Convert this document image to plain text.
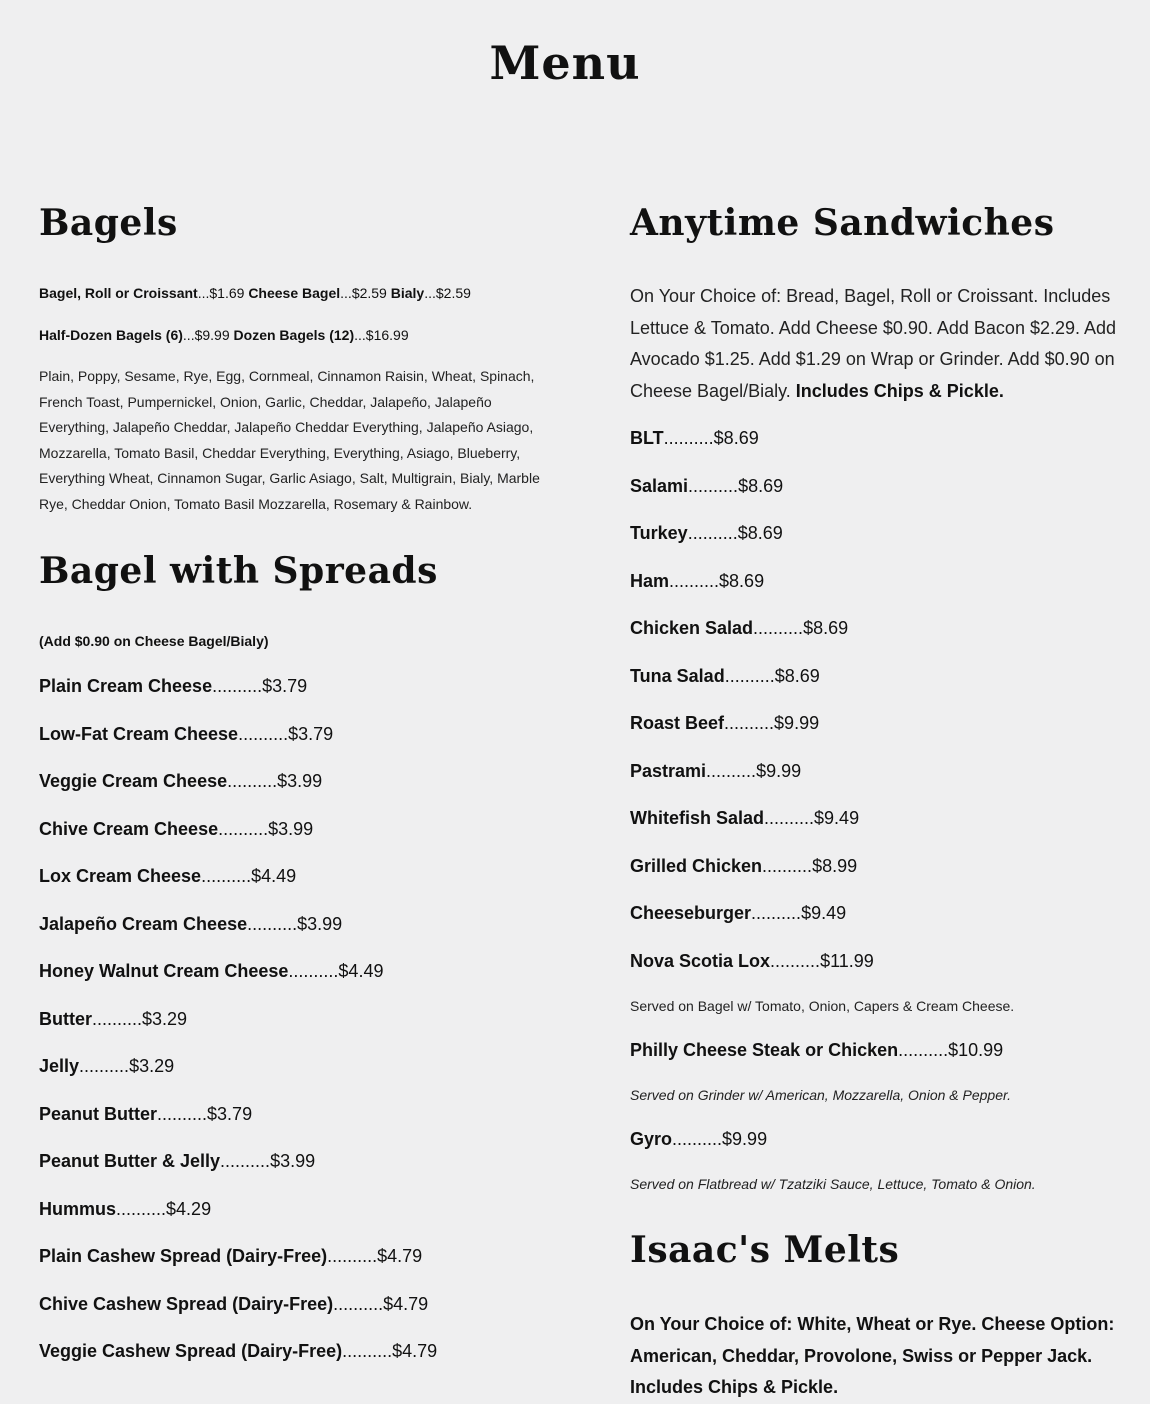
Menu
Bagels
Bagel, Roll or Croissant...$1.69 Cheese Bagel...$2.59 Bialy...$2.59
Half-Dozen Bagels (6)...$9.99 Dozen Bagels (12)...$16.99
Plain, Poppy, Sesame, Rye, Egg, Cornmeal, Cinnamon Raisin, Wheat, Spinach, French Toast, Pumpernickel, Onion, Garlic, Cheddar, Jalapeño, Jalapeño Everything, Jalapeño Cheddar, Jalapeño Cheddar Everything, Jalapeño Asiago, Mozzarella, Tomato Basil, Cheddar Everything, Everything, Asiago, Blueberry, Everything Wheat, Cinnamon Sugar, Garlic Asiago, Salt, Multigrain, Bialy, Marble Rye, Cheddar Onion, Tomato Basil Mozzarella, Rosemary & Rainbow.
Bagel with Spreads
(Add $0.90 on Cheese Bagel/Bialy)
Plain Cream Cheese..........$3.79
Low-Fat Cream Cheese..........$3.79
Veggie Cream Cheese..........$3.99
Chive Cream Cheese..........$3.99
Lox Cream Cheese..........$4.49
Jalapeño Cream Cheese..........$3.99
Honey Walnut Cream Cheese..........$4.49
Butter..........$3.29
Jelly..........$3.29
Peanut Butter..........$3.79
Peanut Butter & Jelly..........$3.99
Hummus..........$4.29
Plain Cashew Spread (Dairy-Free)..........$4.79
Chive Cashew Spread (Dairy-Free)..........$4.79
Veggie Cashew Spread (Dairy-Free)..........$4.79
Anytime Sandwiches
On Your Choice of: Bread, Bagel, Roll or Croissant. Includes Lettuce & Tomato. Add Cheese $0.90. Add Bacon $2.29. Add Avocado $1.25. Add $1.29 on Wrap or Grinder. Add $0.90 on Cheese Bagel/Bialy. Includes Chips & Pickle.
BLT..........$8.69
Salami..........$8.69
Turkey..........$8.69
Ham..........$8.69
Chicken Salad..........$8.69
Tuna Salad..........$8.69
Roast Beef..........$9.99
Pastrami..........$9.99
Whitefish Salad..........$9.49
Grilled Chicken..........$8.99
Cheeseburger..........$9.49
Nova Scotia Lox..........$11.99
Served on Bagel w/ Tomato, Onion, Capers & Cream Cheese.
Philly Cheese Steak or Chicken..........$10.99
Served on Grinder w/ American, Mozzarella, Onion & Pepper.
Gyro..........$9.99
Served on Flatbread w/ Tzatziki Sauce, Lettuce, Tomato & Onion.
Isaac's Melts
On Your Choice of: White, Wheat or Rye. Cheese Option: American, Cheddar, Provolone, Swiss or Pepper Jack. Includes Chips & Pickle.
